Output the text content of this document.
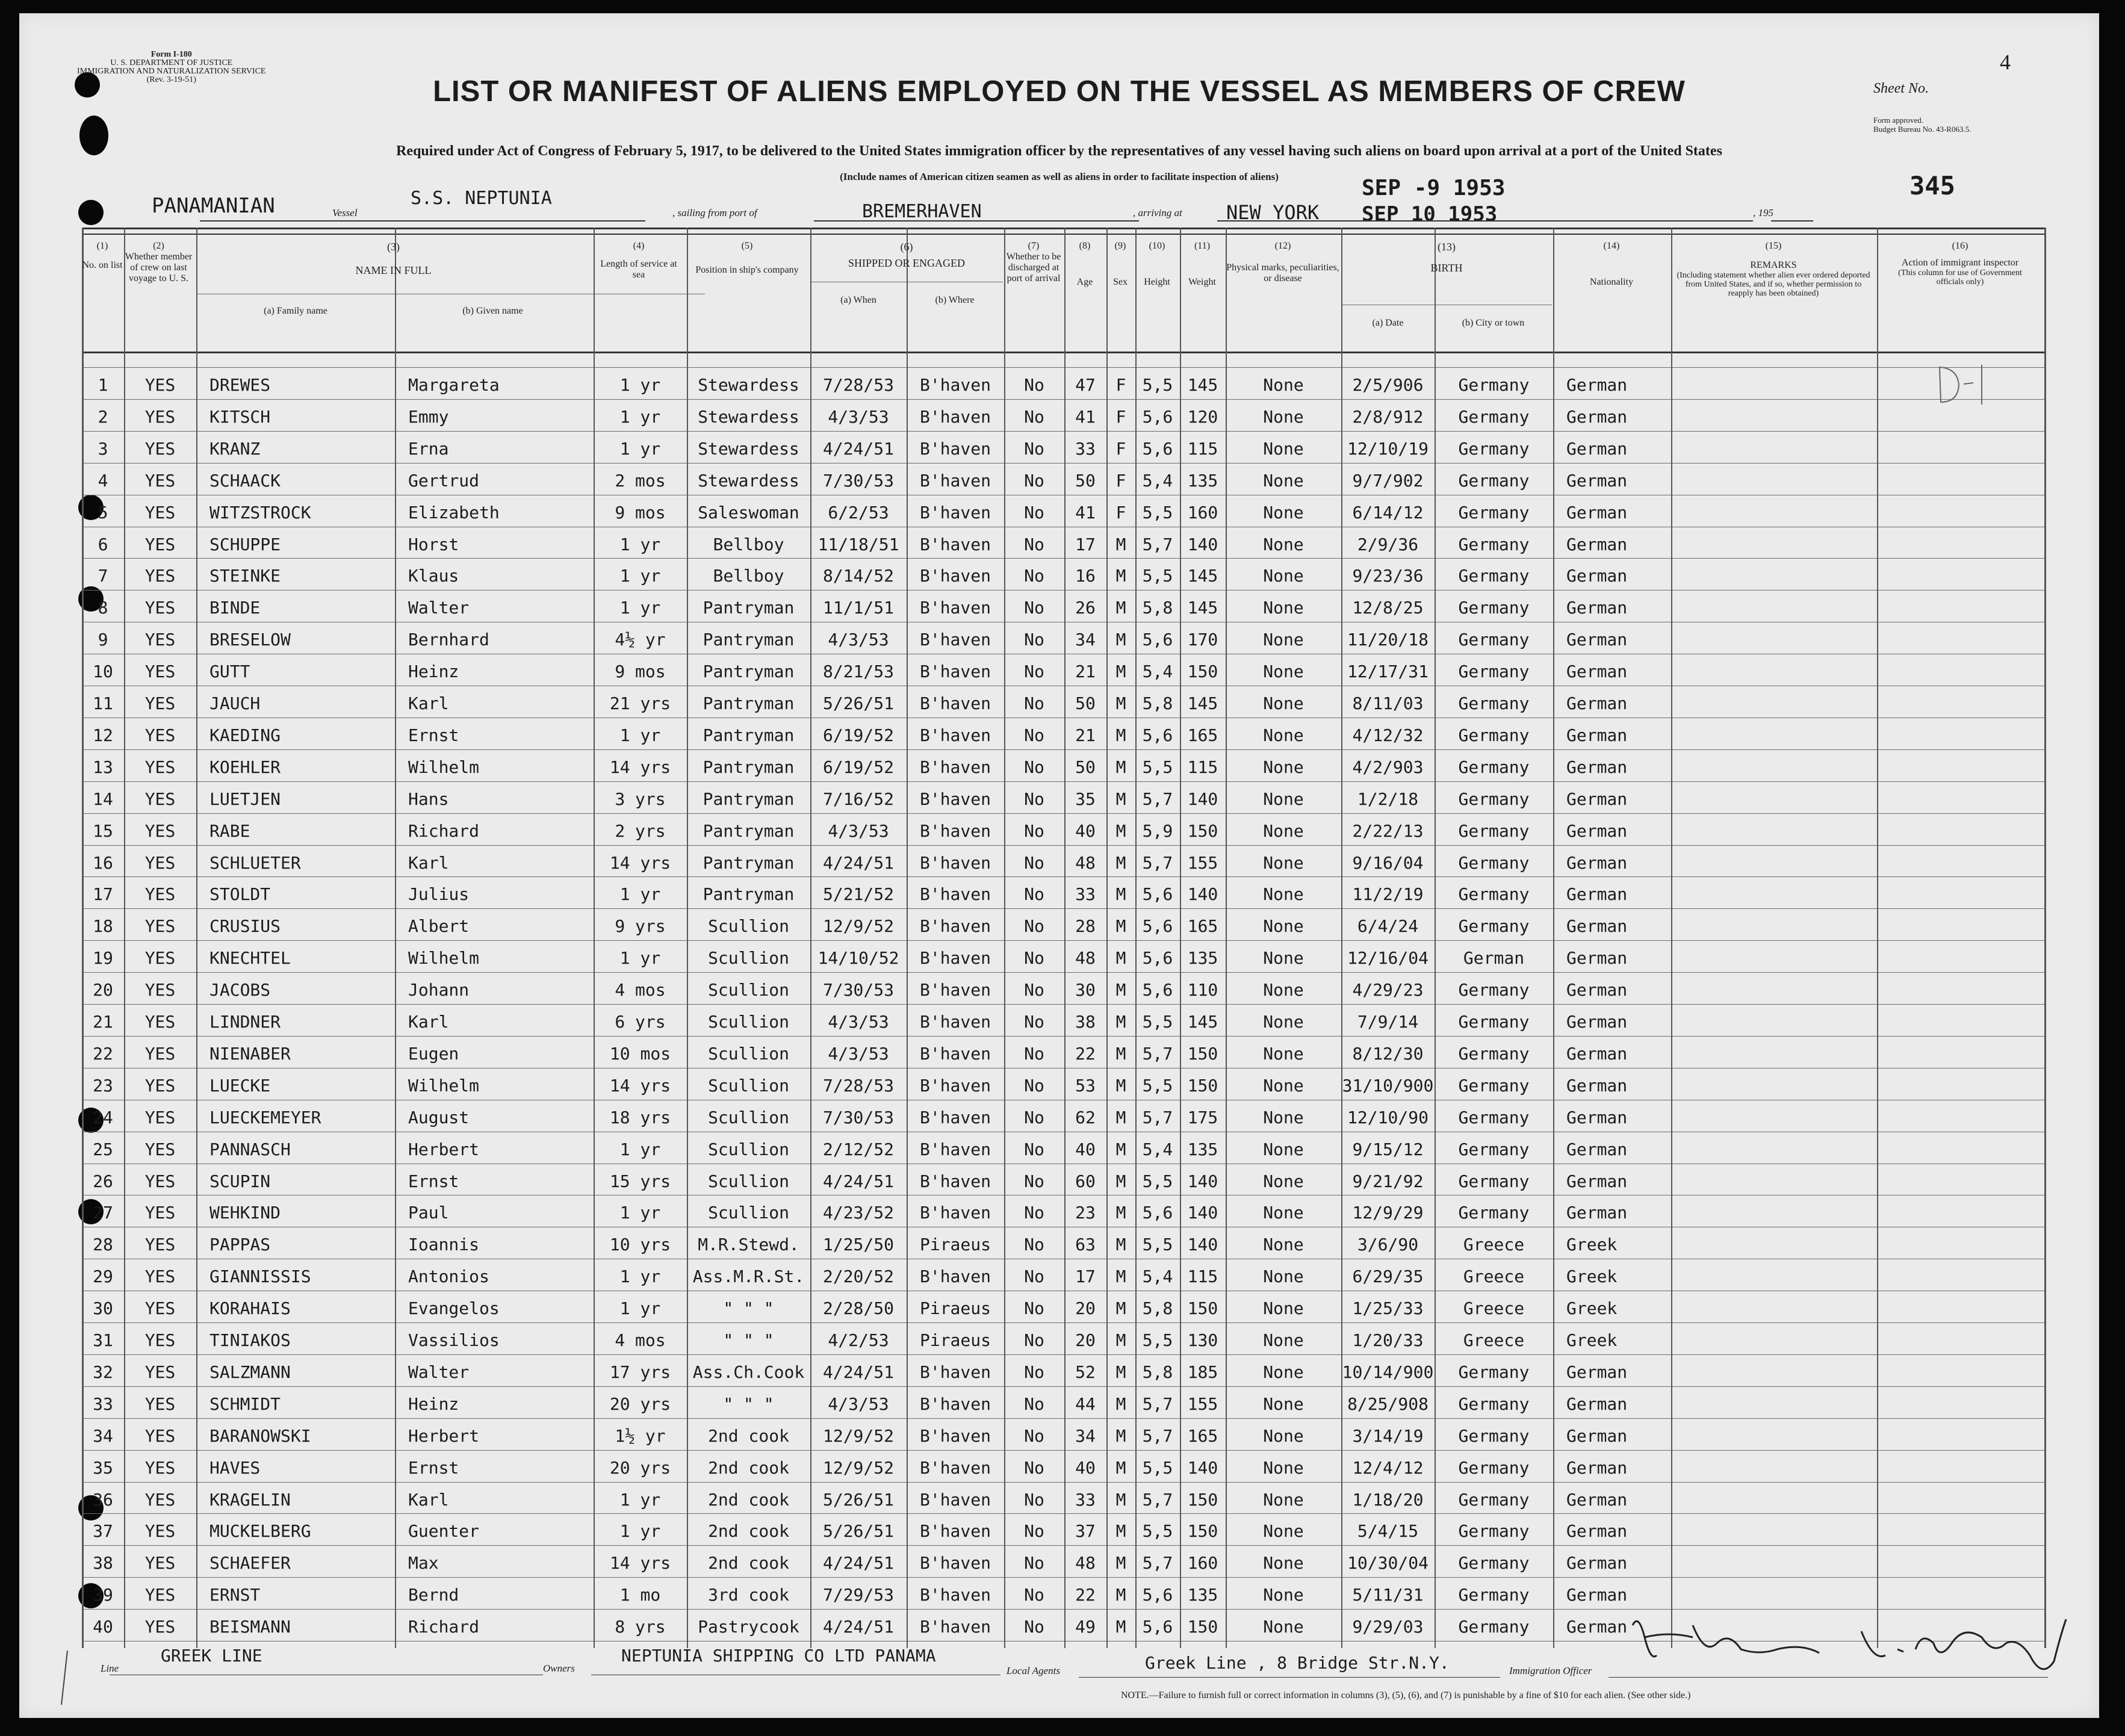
Form I-180
U. S. DEPARTMENT OF JUSTICE
IMMIGRATION AND NATURALIZATION SERVICE
(Rev. 3-19-51)
Sheet No.
4
Form approved.
Budget Bureau No. 43-R063.5.
345
LIST OR MANIFEST OF ALIENS EMPLOYED ON THE VESSEL AS MEMBERS OF CREW
Required under Act of Congress of February 5, 1917, to be delivered to the United States immigration officer by the representatives of any vessel having such aliens on board upon arrival at a port of the United States
(Include names of American citizen seamen as well as aliens in order to facilitate inspection of aliens)
PANAMANIAN	Vessel
S.S. NEPTUNIA
, sailing from port of	BREMERHAVEN	, arriving at NEW YORK
SEP -9 1953
SEP 10 1953	, 195
(1)
No. on list
(2)
Whether member of crew on last voyage to U. S.
(3)
NAME IN FULL
(a) Family name	(b) Given name
(4)
Length of service at sea
(5)
Position in ship's company
(6)
SHIPPED OR ENGAGED
(a) When	(b) Where
(7)
Whether to be discharged at port of arrival
(8)
Age
(9)
Sex
(10)
Height
(11)
Weight
(12)
Physical marks, peculiarities, or disease
(13)
BIRTH
(a) Date	(b) City or town
(14)
Nationality
(15)
REMARKS
(Including statement whether alien ever ordered deported from United States, and if so, whether permission to reapply has been obtained)
(16)
Action of immigrant inspector
(This column for use of Government officials only)
1	YES	DREWES	Margareta	1 yr	Stewardess	7/28/53	B'haven	No	47	F 5,5 145	None	2/5/906	Germany	German
2	YES	KITSCH	Emmy	1 yr	Stewardess	4/3/53	B'haven	No	41	F 5,6 120	None	2/8/912	Germany	German
3	YES	KRANZ	Erna	1 yr	Stewardess	4/24/51	B'haven	No	33	F 5,6 115	None	12/10/19	Germany	German
4	YES	SCHAACK	Gertrud	2 mos	Stewardess	7/30/53	B'haven	No	50	F 5,4 135	None	9/7/902	Germany	German
5	YES	WITZSTROCK	Elizabeth	9 mos	Saleswoman	6/2/53	B'haven	No	41	F 5,5 160	None	6/14/12	Germany	German
6	YES	SCHUPPE	Horst	1 yr	Bellboy	11/18/51	B'haven	No	17	M 5,7 140	None	2/9/36	Germany	German
7	YES	STEINKE	Klaus	1 yr	Bellboy	8/14/52	B'haven	No	16	M 5,5 145	None	9/23/36	Germany	German
8	YES	BINDE	Walter	1 yr	Pantryman	11/1/51	B'haven	No	26	M 5,8 145	None	12/8/25	Germany	German
9	YES	BRESELOW	Bernhard	4½ yr	Pantryman	4/3/53	B'haven	No	34	M 5,6 170	None	11/20/18	Germany	German
10	YES	GUTT	Heinz	9 mos	Pantryman	8/21/53	B'haven	No	21	M 5,4 150	None	12/17/31	Germany	German
11	YES	JAUCH	Karl	21 yrs	Pantryman	5/26/51	B'haven	No	50	M 5,8 145	None	8/11/03	Germany	German
12	YES	KAEDING	Ernst	1 yr	Pantryman	6/19/52	B'haven	No	21	M 5,6 165	None	4/12/32	Germany	German
13	YES	KOEHLER	Wilhelm	14 yrs	Pantryman	6/19/52	B'haven	No	50	M 5,5 115	None	4/2/903	Germany	German
14	YES	LUETJEN	Hans	3 yrs	Pantryman	7/16/52	B'haven	No	35	M 5,7 140	None	1/2/18	Germany	German
15	YES	RABE	Richard	2 yrs	Pantryman	4/3/53	B'haven	No	40	M 5,9 150	None	2/22/13	Germany	German
16	YES	SCHLUETER	Karl	14 yrs	Pantryman	4/24/51	B'haven	No	48	M 5,7 155	None	9/16/04	Germany	German
17	YES	STOLDT	Julius	1 yr	Pantryman	5/21/52	B'haven	No	33	M 5,6 140	None	11/2/19	Germany	German
18	YES	CRUSIUS	Albert	9 yrs	Scullion	12/9/52	B'haven	No	28	M 5,6 165	None	6/4/24	Germany	German
19	YES	KNECHTEL	Wilhelm	1 yr	Scullion	14/10/52	B'haven	No	48	M 5,6 135	None	12/16/04	German	German
20	YES	JACOBS	Johann	4 mos	Scullion	7/30/53	B'haven	No	30	M 5,6 110	None	4/29/23	Germany	German
21	YES	LINDNER	Karl	6 yrs	Scullion	4/3/53	B'haven	No	38	M 5,5 145	None	7/9/14	Germany	German
22	YES	NIENABER	Eugen	10 mos	Scullion	4/3/53	B'haven	No	22	M 5,7 150	None	8/12/30	Germany	German
23	YES	LUECKE	Wilhelm	14 yrs	Scullion	7/28/53	B'haven	No	53	M 5,5 150	None	31/10/900	Germany	German
24	YES	LUECKEMEYER	August	18 yrs	Scullion	7/30/53	B'haven	No	62	M 5,7 175	None	12/10/90	Germany	German
25	YES	PANNASCH	Herbert	1 yr	Scullion	2/12/52	B'haven	No	40	M 5,4 135	None	9/15/12	Germany	German
26	YES	SCUPIN	Ernst	15 yrs	Scullion	4/24/51	B'haven	No	60	M 5,5 140	None	9/21/92	Germany	German
27	YES	WEHKIND	Paul	1 yr	Scullion	4/23/52	B'haven	No	23	M 5,6 140	None	12/9/29	Germany	German
28	YES	PAPPAS	Ioannis	10 yrs	M.R.Stewd.	1/25/50	Piraeus	No	63	M 5,5 140	None	3/6/90	Greece	Greek
29	YES	GIANNISSIS	Antonios	1 yr	Ass.M.R.St.	2/20/52	B'haven	No	17	M 5,4 115	None	6/29/35	Greece	Greek
30	YES	KORAHAIS	Evangelos	1 yr	" " "	2/28/50	Piraeus	No	20	M 5,8 150	None	1/25/33	Greece	Greek
31	YES	TINIAKOS	Vassilios	4 mos	" " "	4/2/53	Piraeus	No	20	M 5,5 130	None	1/20/33	Greece	Greek
32	YES	SALZMANN	Walter	17 yrs	Ass.Ch.Cook	4/24/51	B'haven	No	52	M 5,8 185	None	10/14/900	Germany	German
33	YES	SCHMIDT	Heinz	20 yrs	" " "	4/3/53	B'haven	No	44	M 5,7 155	None	8/25/908	Germany	German
34	YES	BARANOWSKI	Herbert	1½ yr	2nd cook	12/9/52	B'haven	No	34	M 5,7 165	None	3/14/19	Germany	German
35	YES	HAVES	Ernst	20 yrs	2nd cook	12/9/52	B'haven	No	40	M 5,5 140	None	12/4/12	Germany	German
36	YES	KRAGELIN	Karl	1 yr	2nd cook	5/26/51	B'haven	No	33	M 5,7 150	None	1/18/20	Germany	German
37	YES	MUCKELBERG	Guenter	1 yr	2nd cook	5/26/51	B'haven	No	37	M 5,5 150	None	5/4/15	Germany	German
38	YES	SCHAEFER	Max	14 yrs	2nd cook	4/24/51	B'haven	No	48	M 5,7 160	None	10/30/04	Germany	German
39	YES	ERNST	Bernd	1 mo	3rd cook	7/29/53	B'haven	No	22	M 5,6 135	None	5/11/31	Germany	German
40	YES	BEISMANN	Richard	8 yrs	Pastrycook	4/24/51	B'haven	No	49	M 5,6 150	None	9/29/03	Germany	German
GREEK LINE
Line	Owners
NEPTUNIA SHIPPING CO LTD PANAMA
Local Agents	Greek Line , 8 Bridge Str.N.Y.	Immigration Officer
NOTE.—Failure to furnish full or correct information in columns (3), (5), (6), and (7) is punishable by a fine of $10 for each alien. (See other side.)
